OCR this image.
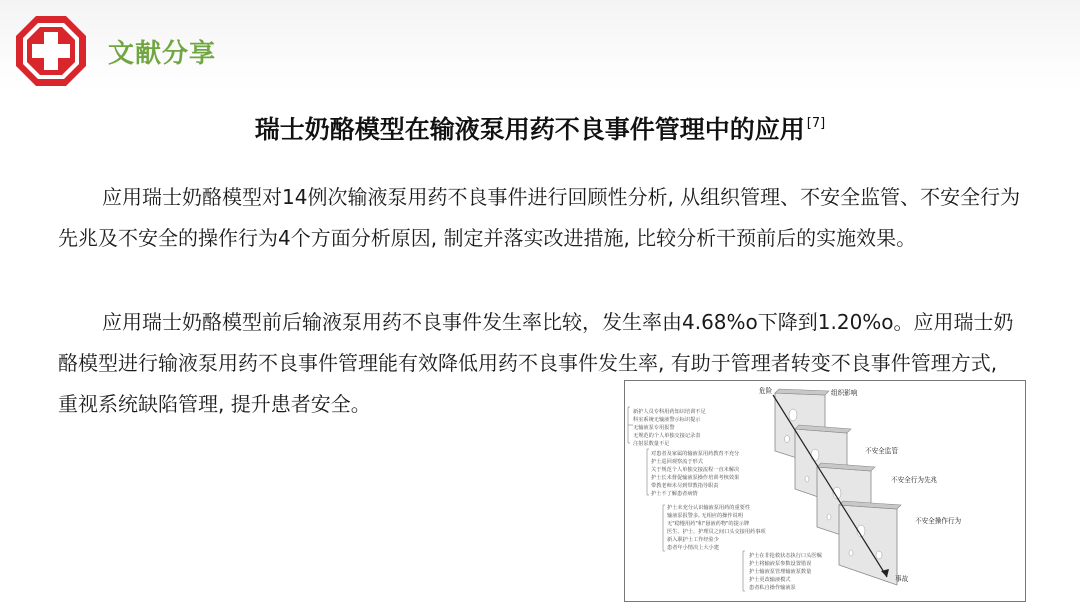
文献分享
瑞士奶酪模型在输液泵用药不良事件管理中的应用 [7]
应用瑞士奶酪模型对14例次输液泵用药不良事件进行回顾性分析, 从组织管理、不安全监管、不安全行为先兆及不安全的操作行为4个方面分析原因, 制定并落实改进措施, 比较分析干预前后的实施效果。
应用瑞士奶酪模型前后输液泵用药不良事件发生率比较，发生率由4.68%o下降到1.20%o。应用瑞士奶酪模型进行输液泵用药不良事件管理能有效降低用药不良事件发生率, 有助于管理者转变不良事件管理方式, 重视系统缺陷管理, 提升患者安全。
危险	组织影响
不安全监管
不安全行为先兆
不安全操作行为
事故
新护人员专科用药知识培训不足
科室系统无输液警示标识提示
无输液泵专用报警
无规范的个人单独交接记录表
注射泵数量不足
对患者及家属的输液泵用药教育不充分
护士巡回观察流于形式
关于规范个人单独交接流程一直未解决
护士长未督促输液泵操作培训考核效果
带教老师未尽到带教指导职责
护士不了解患者病情
护士未充分认识输液泵用药的重要性
输液泵报警多, 无相应的操作说明
无"稳慢用药"和"悬液药物"的提示牌
医生、护士、护理员之间口头交接用药事项
新入职护士工作经验少
患者年小情决上大小建
护士在非抢救状态执行口头医嘱
护士将输液泵参数设置错误
护士输液泵管理输液泵数量
护士更改输液模式
患者私自操作输液泵
